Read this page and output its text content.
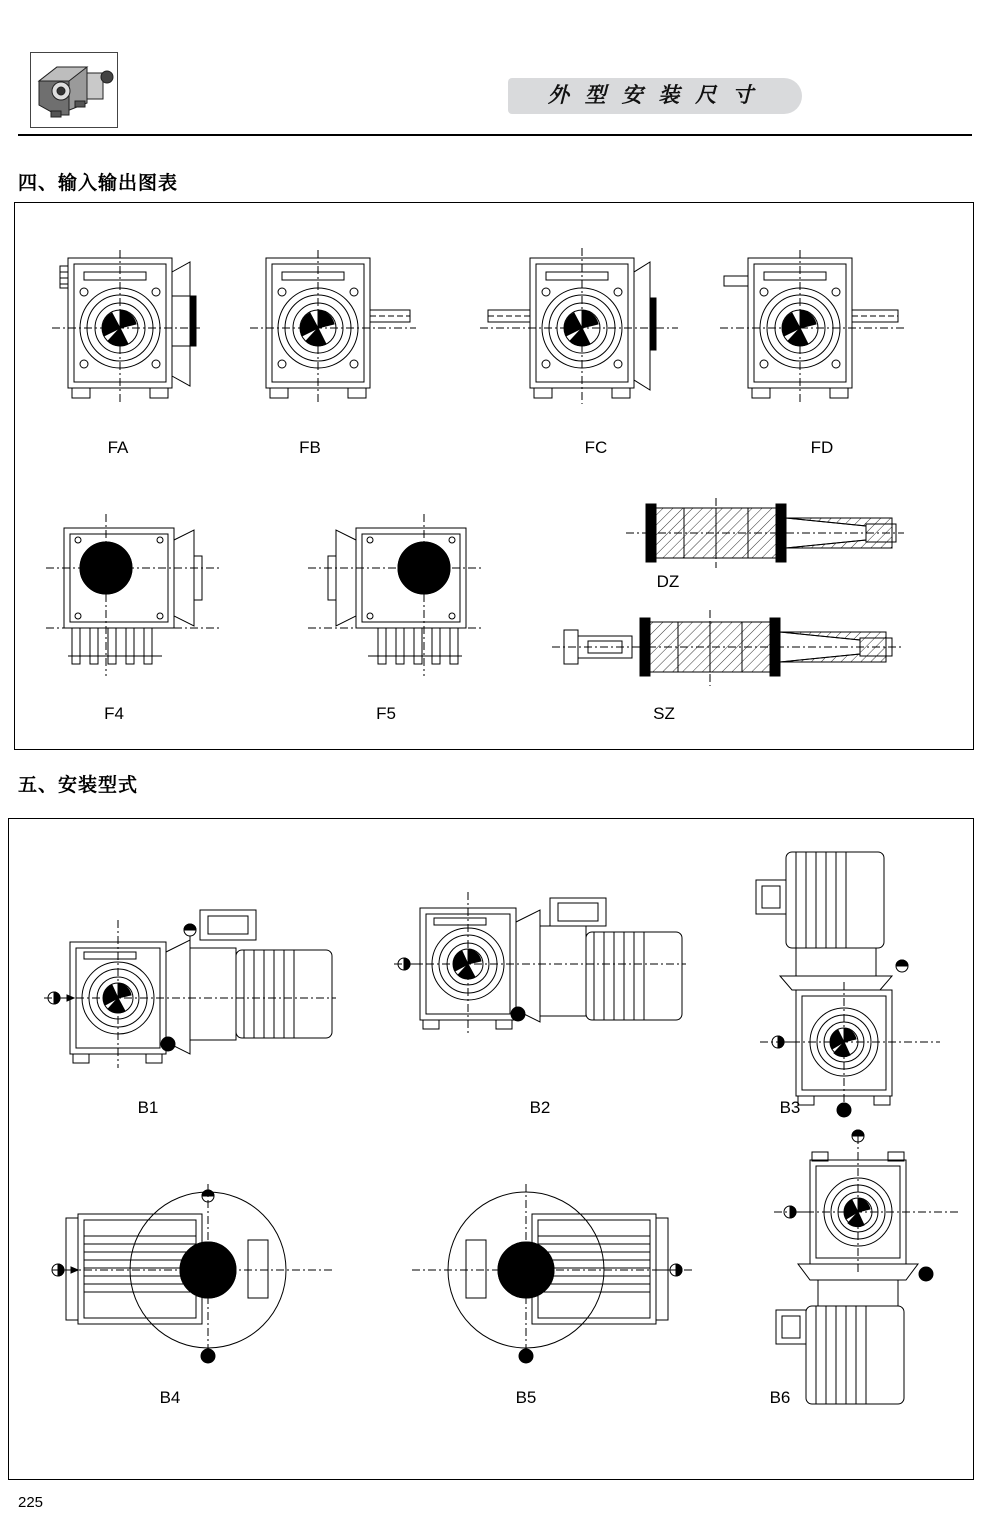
外 型 安 装 尺 寸
四、输入输出图表
FA	FB	FC	FD
F4	F5
DZ
SZ
五、安装型式
B1	B2	B3
B4	B5	B6
225
